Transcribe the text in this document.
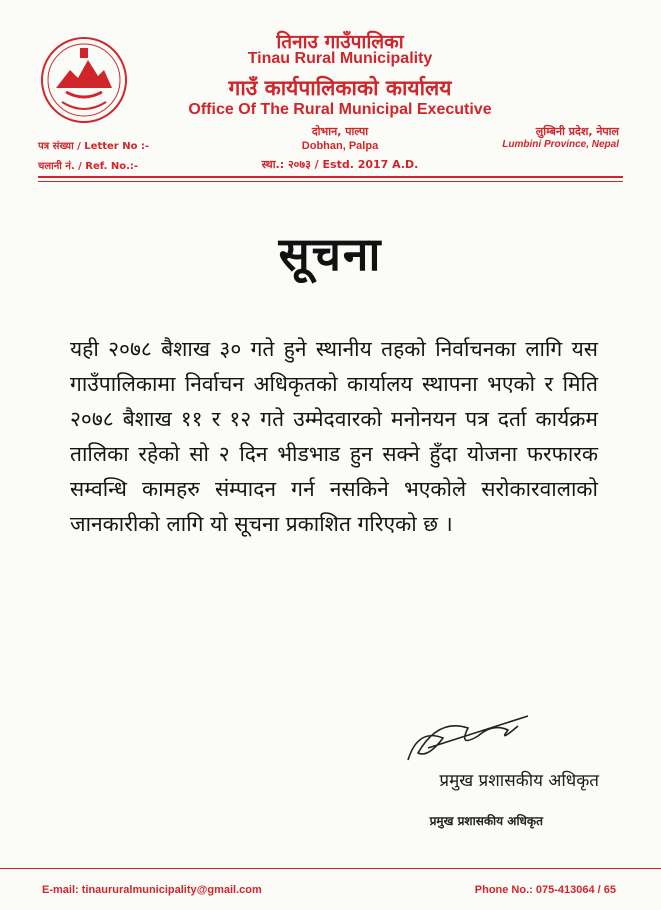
तिनाउ गाउँपालिका
Tinau Rural Municipality
गाउँ कार्यपालिकाको कार्यालय
Office Of The Rural Municipal Executive
दोभान, पाल्पा
Dobhan, Palpa
स्था.: २०७३ / Estd. 2017 A.D.
पत्र संख्या / Letter No :-
चलानी नं. / Ref. No.:-
लुम्बिनी प्रदेश, नेपाल
Lumbini Province, Nepal
सूचना
यही २०७८ बैशाख ३० गते हुने स्थानीय तहको निर्वाचनका लागि यस गाउँपालिकामा निर्वाचन अधिकृतको कार्यालय स्थापना भएको र मिति २०७८ बैशाख ११ र १२ गते उम्मेदवारको मनोनयन पत्र दर्ता कार्यक्रम तालिका रहेको सो २ दिन भीडभाड हुन सक्ने हुँदा योजना फरफारक सम्वन्धि कामहरु संम्पादन गर्न नसकिने भएकोले सरोकारवालाको जानकारीको लागि यो सूचना प्रकाशित गरिएको छ ।
प्रमुख प्रशासकीय अधिकृत
प्रमुख प्रशासकीय अधिकृत
E-mail: tinaururalmunicipality@gmail.com	Phone No.: 075-413064 / 65
